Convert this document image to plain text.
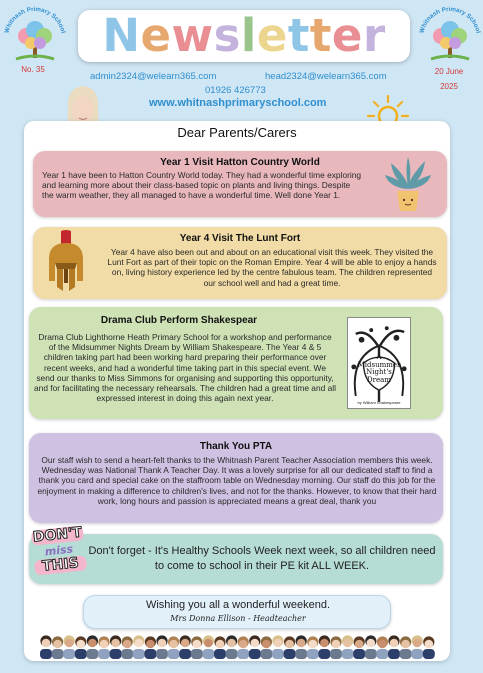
Whitnash Primary School
No. 35
Whitnash Primary School
20 June
2025
Newsletter
admin2324@welearn365.com	head2324@welearn365.com
01926 426773
www.whitnashprimaryschool.com
Dear Parents/Carers
Year 1 Visit Hatton Country World

Year 1 have been to Hatton Country World today. They had a wonderful time exploring and learning more about their class-based topic on plants and living things. Despite the warm weather, they all managed to have a wonderful time. Well done Year 1.

Year 4 Visit The Lunt Fort

Year 4 have also been out and about on an educational visit this week. They visited the Lunt Fort as part of their topic on the Roman Empire. Year 4 will be able to enjoy a hands on, living history experience led by the centre fabulous team. The children represented our school well and had a great time.

Drama Club Perform Shakespear

Drama Club Lighthorne Heath Primary School for a workshop and performance of the Midsummer Nights Dream by William Shakespeare. The Year 4 & 5 children taking part had been working hard preparing their performance over recent weeks, and had a wonderful time taking part in this special event. We send our thanks to Miss Simmons for organising and supporting this opportunity, and for facilitating the necessary rehearsals. The children had a great time and all expressed interest in doing this again next year.

A
Midsummer
Night's
Dream
by William Shakespeare
Thank You PTA

Our staff wish to send a heart-felt thanks to the Whitnash Parent Teacher Association members this week. Wednesday was National Thank A Teacher Day. It was a lovely surprise for all our dedicated staff to find a thank you card and special cake on the staffroom table on Wednesday morning. Our staff do this job for the enjoyment in making a difference to children's lives, and not for the thanks. However, to know that their hard work, long hours and passion is appreciated means a great deal, thank you

DON'T
miss
THIS

Don't forget - It's Healthy Schools Week next week, so all children need to come to school in their PE kit ALL WEEK.

Wishing you all a wonderful weekend.
Mrs Donna Ellison - Headteacher
